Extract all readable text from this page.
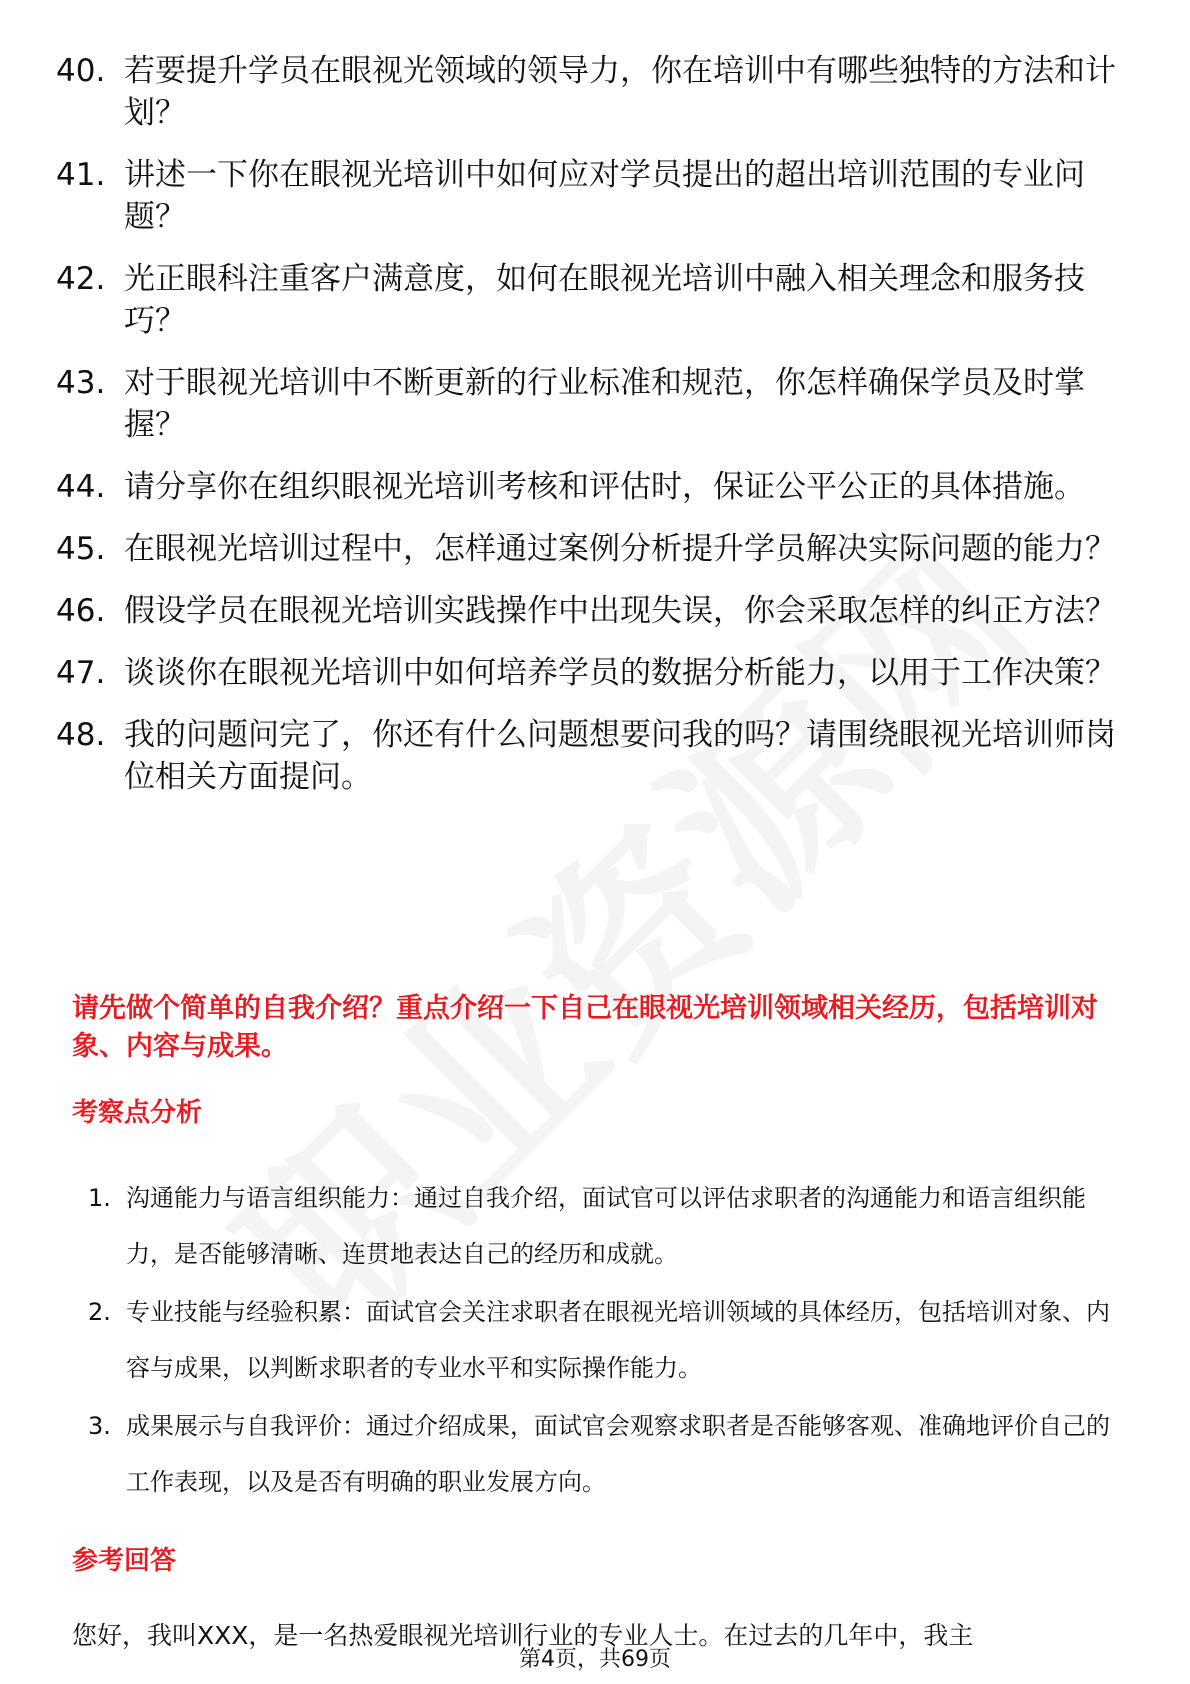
40. 若要提升学员在眼视光领域的领导力，你在培训中有哪些独特的方法和计划？
41. 讲述一下你在眼视光培训中如何应对学员提出的超出培训范围的专业问题？
42. 光正眼科注重客户满意度，如何在眼视光培训中融入相关理念和服务技巧？
43. 对于眼视光培训中不断更新的行业标准和规范，你怎样确保学员及时掌握？
44. 请分享你在组织眼视光培训考核和评估时，保证公平公正的具体措施。
45. 在眼视光培训过程中，怎样通过案例分析提升学员解决实际问题的能力？
46. 假设学员在眼视光培训实践操作中出现失误，你会采取怎样的纠正方法？
47. 谈谈你在眼视光培训中如何培养学员的数据分析能力，以用于工作决策？
48. 我的问题问完了，你还有什么问题想要问我的吗？请围绕眼视光培训师岗位相关方面提问。
请先做个简单的自我介绍？重点介绍一下自己在眼视光培训领域相关经历，包括培训对象、内容与成果。
考察点分析
1. 沟通能力与语言组织能力：通过自我介绍，面试官可以评估求职者的沟通能力和语言组织能力，是否能够清晰、连贯地表达自己的经历和成就。
2. 专业技能与经验积累：面试官会关注求职者在眼视光培训领域的具体经历，包括培训对象、内容与成果，以判断求职者的专业水平和实际操作能力。
3. 成果展示与自我评价：通过介绍成果，面试官会观察求职者是否能够客观、准确地评价自己的工作表现，以及是否有明确的职业发展方向。
参考回答
您好，我叫XXX，是一名热爱眼视光培训行业的专业人士。在过去的几年中，我主
第4页，共69页
